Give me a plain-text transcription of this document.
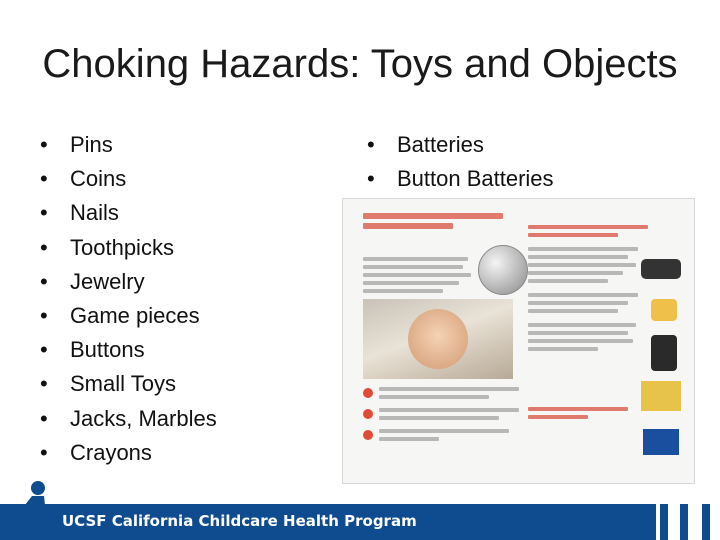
Choking Hazards: Toys and Objects
• Pins
• Coins
• Nails
• Toothpicks
• Jewelry
• Game pieces
• Buttons
• Small Toys
• Jacks, Marbles
• Crayons
• Batteries
• Button Batteries
UCSF California Childcare Health Program
